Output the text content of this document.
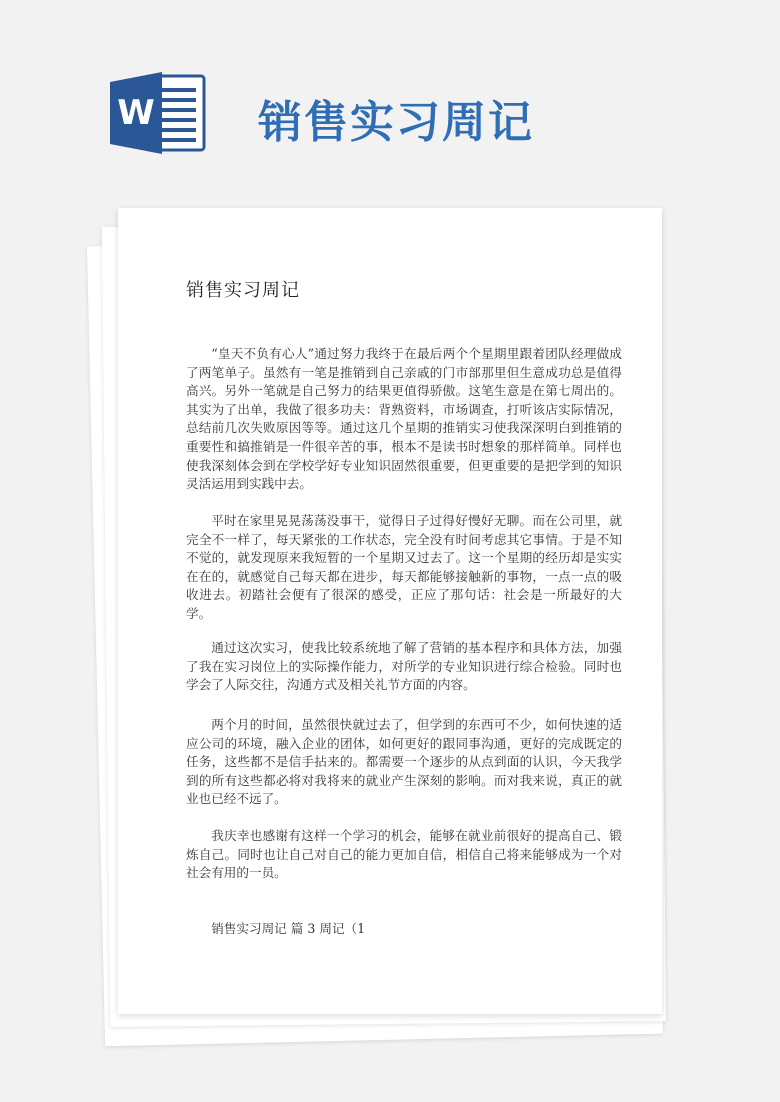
W 销售实习周记
销售实习周记

“皇天不负有心人”通过努力我终于在最后两个个星期里跟着团队经理做成了两笔单子。虽然有一笔是推销到自己亲戚的门市部那里但生意成功总是值得高兴。另外一笔就是自己努力的结果更值得骄傲。这笔生意是在第七周出的。其实为了出单，我做了很多功夫：背熟资料，市场调查，打听该店实际情况，总结前几次失败原因等等。通过这几个星期的推销实习使我深深明白到推销的重要性和搞推销是一件很辛苦的事，根本不是读书时想象的那样简单。同样也使我深刻体会到在学校学好专业知识固然很重要，但更重要的是把学到的知识灵活运用到实践中去。

平时在家里晃晃荡荡没事干，觉得日子过得好慢好无聊。而在公司里，就完全不一样了，每天紧张的工作状态，完全没有时间考虑其它事情。于是不知不觉的，就发现原来我短暂的一个星期又过去了。这一个星期的经历却是实实在在的，就感觉自己每天都在进步，每天都能够接触新的事物，一点一点的吸收进去。初踏社会便有了很深的感受，正应了那句话：社会是一所最好的大学。

通过这次实习，使我比较系统地了解了营销的基本程序和具体方法，加强了我在实习岗位上的实际操作能力，对所学的专业知识进行综合检验。同时也学会了人际交往，沟通方式及相关礼节方面的内容。

两个月的时间，虽然很快就过去了，但学到的东西可不少，如何快速的适应公司的环境，融入企业的团体，如何更好的跟同事沟通，更好的完成既定的任务，这些都不是信手拈来的。都需要一个逐步的从点到面的认识，今天我学到的所有这些都必将对我将来的就业产生深刻的影响。而对我来说，真正的就业也已经不远了。

我庆幸也感谢有这样一个学习的机会，能够在就业前很好的提高自己、锻炼自己。同时也让自己对自己的能力更加自信，相信自己将来能够成为一个对社会有用的一员。

销售实习周记 篇 3 周记（1
